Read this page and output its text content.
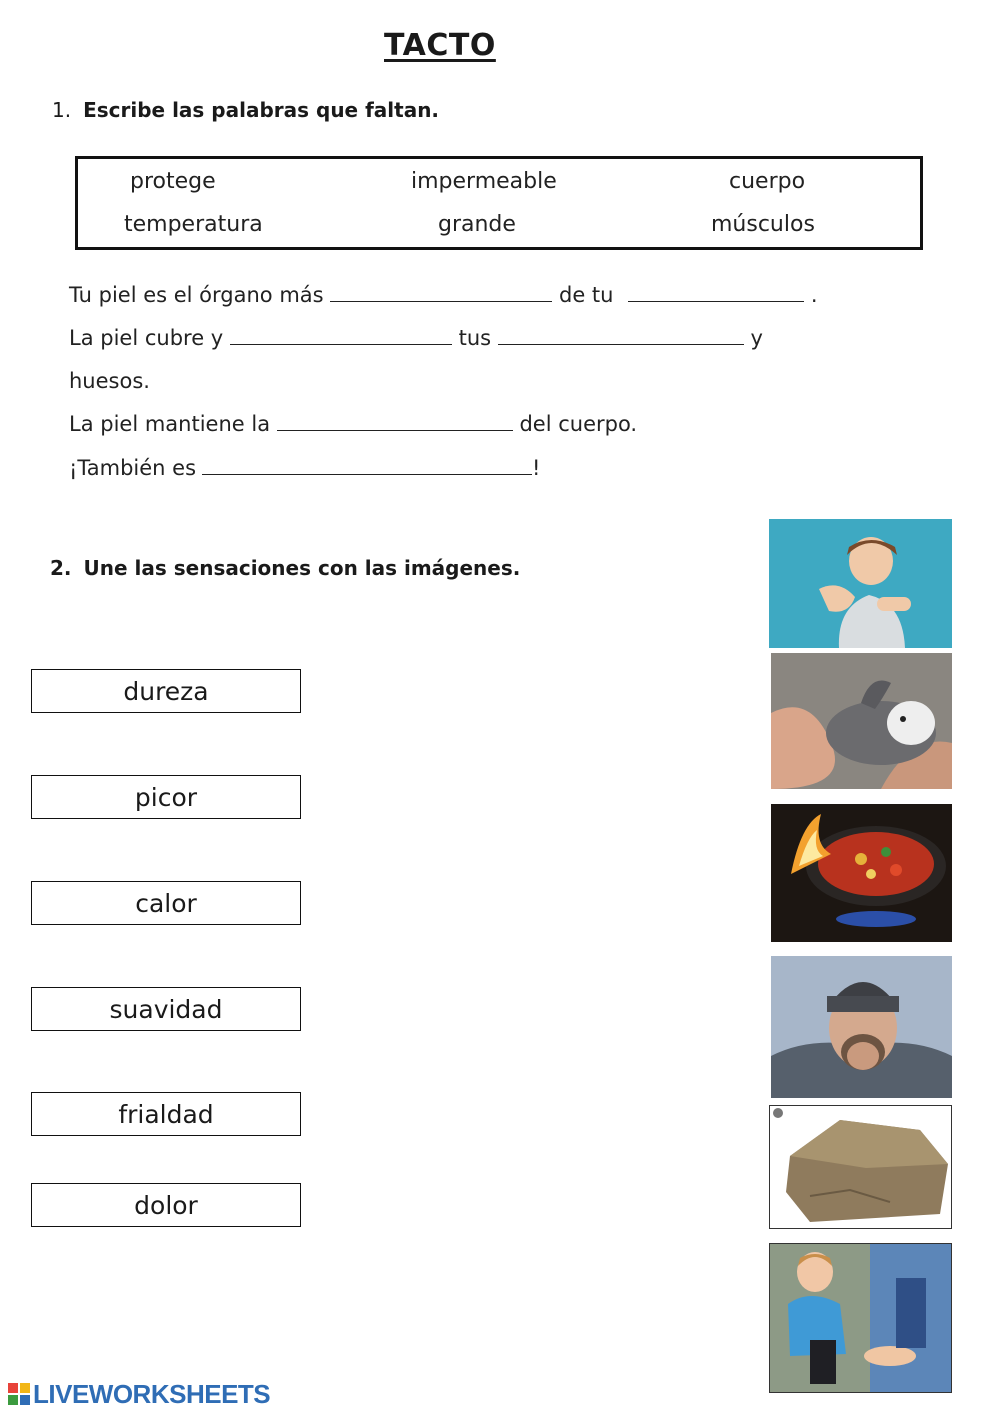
TACTO
1. Escribe las palabras que faltan.
protege	impermeable	cuerpo
temperatura	grande	músculos
Tu piel es el órgano más	de tu	.
La piel cubre y	tus	y
huesos.
La piel mantiene la	del cuerpo.
¡También es	!
2. Une las sensaciones con las imágenes.
dureza
picor
calor
suavidad
frialdad
dolor
LIVEWORKSHEETS
